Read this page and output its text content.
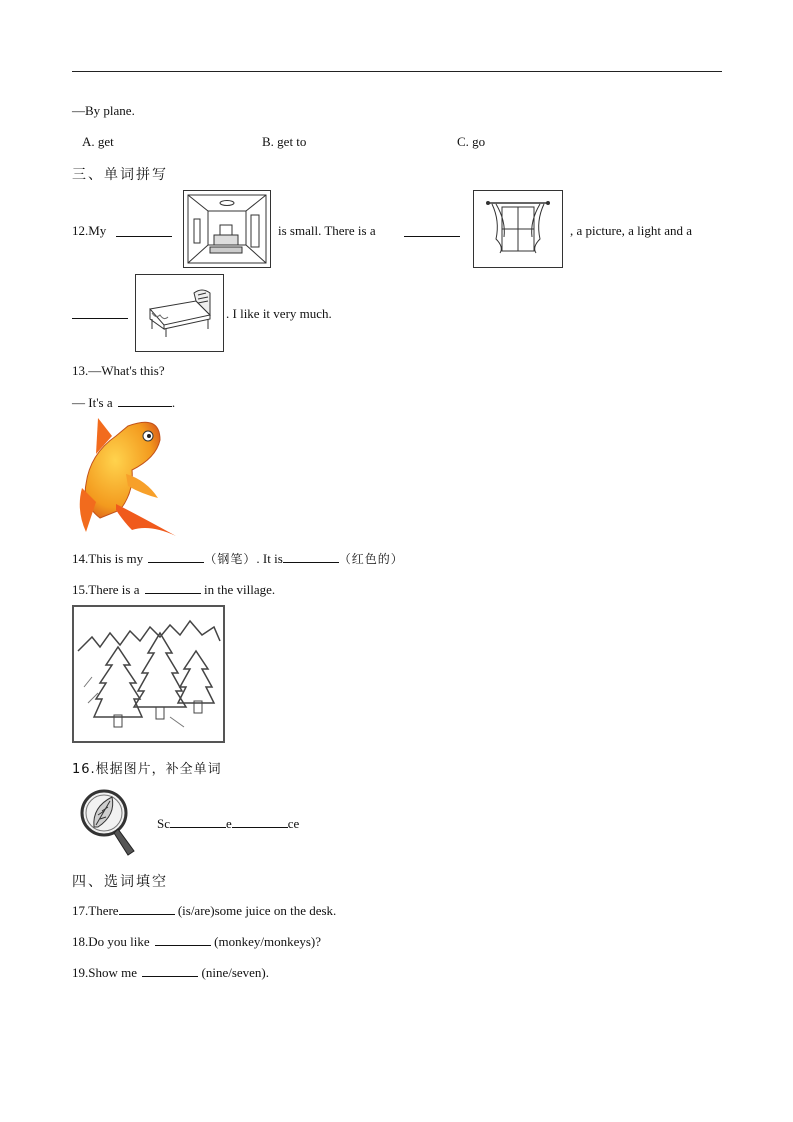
—By plane.
A. get	B. get to	C. go
三、单词拼写
12.My	is small. There is a	, a picture, a light and a
. I like it very much.
13.—What's this?
— It's a	.
14.This is my	（钢笔）. It is	（红色的）
15.There is a	in the village.
16.根据图片，补全单词
Sc	e	ce
四、选词填空
17.There	(is/are)some juice on the desk.
18.Do you like	(monkey/monkeys)?
19.Show me	(nine/seven).
